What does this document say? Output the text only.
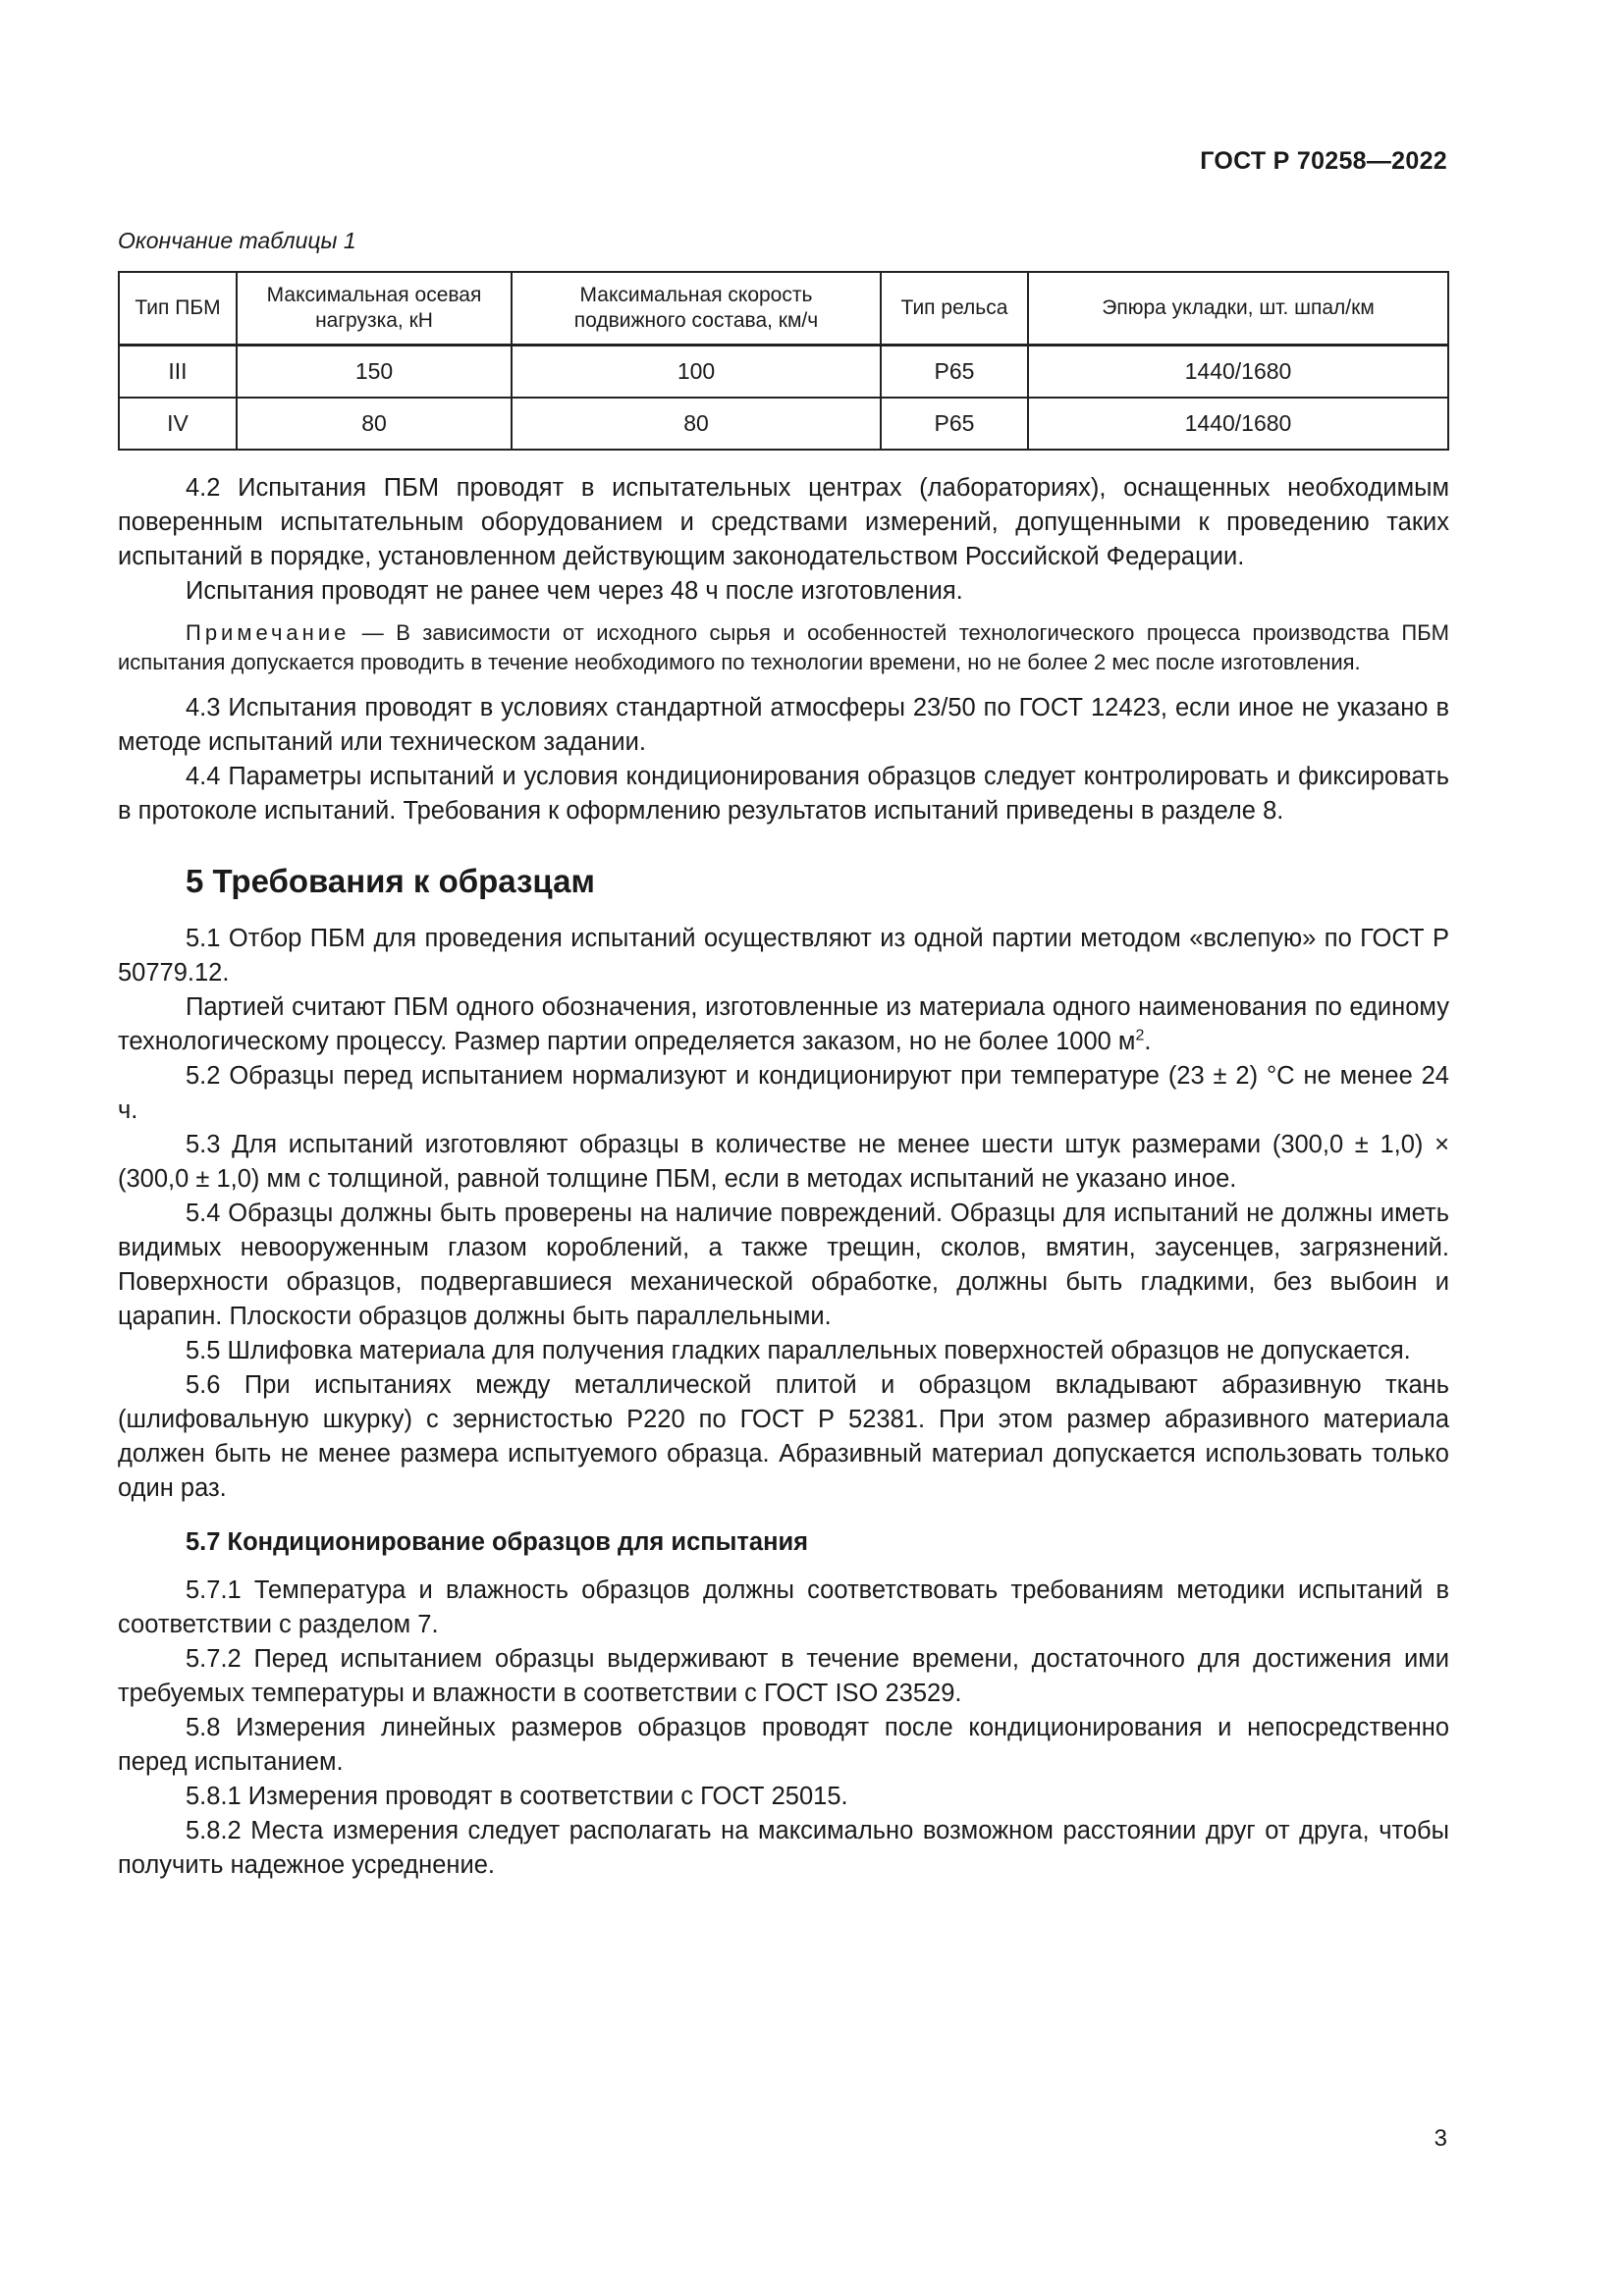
ГОСТ Р 70258—2022
Окончание таблицы 1
Тип ПБМ	Максимальная осевая нагрузка, кН	Максимальная скорость подвижного состава, км/ч	Тип рельса	Эпюра укладки, шт. шпал/км
III	150	100	Р65	1440/1680
IV	80	80	Р65	1440/1680

4.2 Испытания ПБМ проводят в испытательных центрах (лабораториях), оснащенных необходимым поверенным испытательным оборудованием и средствами измерений, допущенными к проведению таких испытаний в порядке, установленном действующим законодательством Российской Федерации.

Испытания проводят не ранее чем через 48 ч после изготовления.

Примечание — В зависимости от исходного сырья и особенностей технологического процесса производства ПБМ испытания допускается проводить в течение необходимого по технологии времени, но не более 2 мес после изготовления.

4.3 Испытания проводят в условиях стандартной атмосферы 23/50 по ГОСТ 12423, если иное не указано в методе испытаний или техническом задании.

4.4 Параметры испытаний и условия кондиционирования образцов следует контролировать и фиксировать в протоколе испытаний. Требования к оформлению результатов испытаний приведены в разделе 8.

5 Требования к образцам

5.1 Отбор ПБМ для проведения испытаний осуществляют из одной партии методом «вслепую» по ГОСТ Р 50779.12.

Партией считают ПБМ одного обозначения, изготовленные из материала одного наименования по единому технологическому процессу. Размер партии определяется заказом, но не более 1000 $м^2$.

5.2 Образцы перед испытанием нормализуют и кондиционируют при температуре (23 ± 2) °С не менее 24 ч.

5.3 Для испытаний изготовляют образцы в количестве не менее шести штук размерами (300,0 ± 1,0) × (300,0 ± 1,0) мм с толщиной, равной толщине ПБМ, если в методах испытаний не указано иное.

5.4 Образцы должны быть проверены на наличие повреждений. Образцы для испытаний не должны иметь видимых невооруженным глазом короблений, а также трещин, сколов, вмятин, заусенцев, загрязнений. Поверхности образцов, подвергавшиеся механической обработке, должны быть гладкими, без выбоин и царапин. Плоскости образцов должны быть параллельными.

5.5 Шлифовка материала для получения гладких параллельных поверхностей образцов не допускается.

5.6 При испытаниях между металлической плитой и образцом вкладывают абразивную ткань (шлифовальную шкурку) с зернистостью Р220 по ГОСТ Р 52381. При этом размер абразивного материала должен быть не менее размера испытуемого образца. Абразивный материал допускается использовать только один раз.

5.7 Кондиционирование образцов для испытания

5.7.1 Температура и влажность образцов должны соответствовать требованиям методики испытаний в соответствии с разделом 7.

5.7.2 Перед испытанием образцы выдерживают в течение времени, достаточного для достижения ими требуемых температуры и влажности в соответствии с ГОСТ ISO 23529.

5.8 Измерения линейных размеров образцов проводят после кондиционирования и непосредственно перед испытанием.

5.8.1 Измерения проводят в соответствии с ГОСТ 25015.

5.8.2 Места измерения следует располагать на максимально возможном расстоянии друг от друга, чтобы получить надежное усреднение.

3
